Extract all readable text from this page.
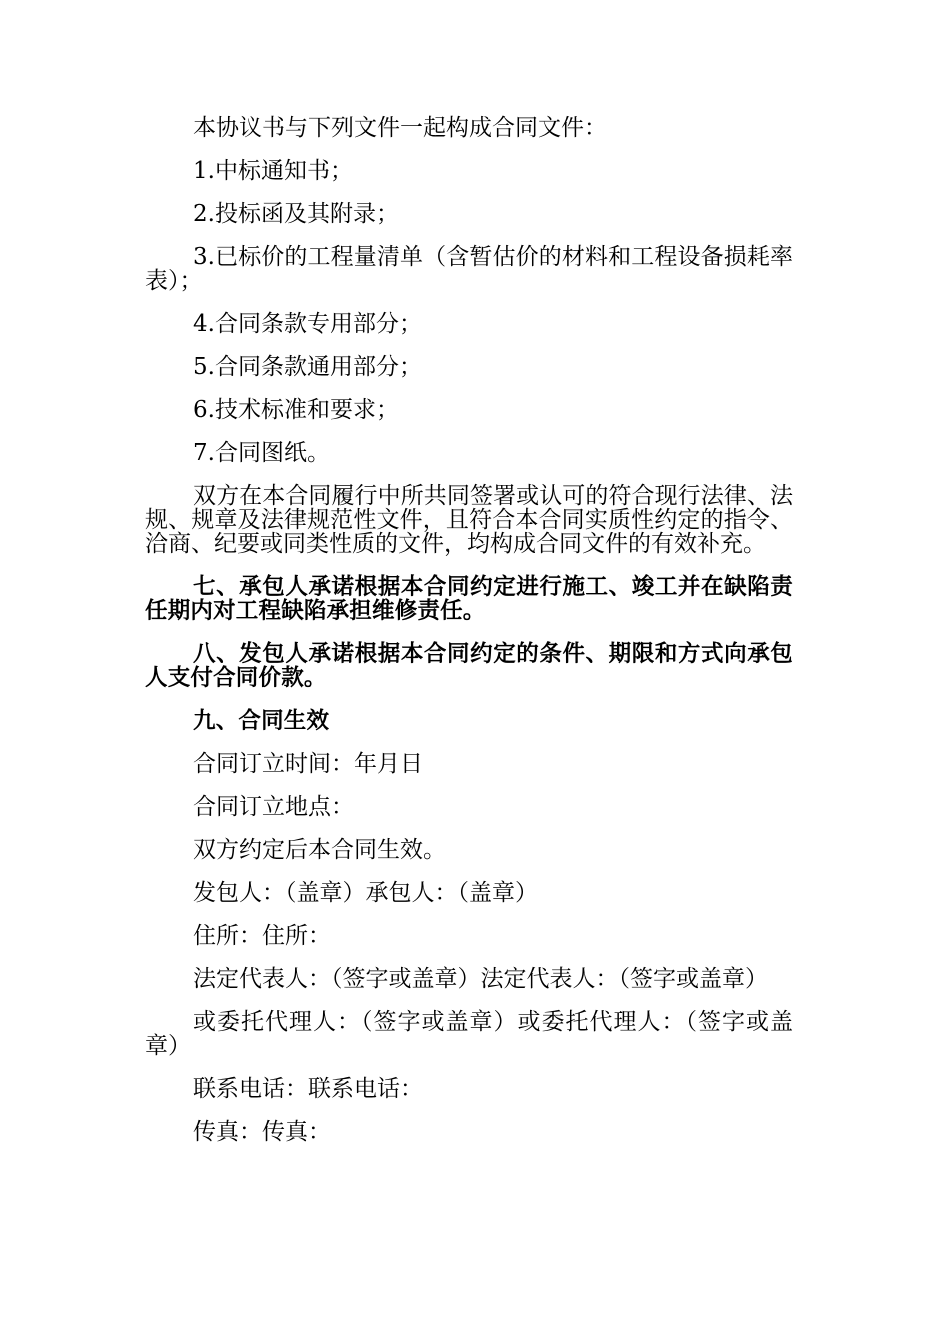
本协议书与下列文件一起构成合同文件：

1.中标通知书；

2.投标函及其附录；

3.已标价的工程量清单（含暂估价的材料和工程设备损耗率表）；

4.合同条款专用部分；

5.合同条款通用部分；

6.技术标准和要求；

7.合同图纸。

双方在本合同履行中所共同签署或认可的符合现行法律、法规、规章及法律规范性文件，且符合本合同实质性约定的指令、洽商、纪要或同类性质的文件，均构成合同文件的有效补充。

七、承包人承诺根据本合同约定进行施工、竣工并在缺陷责任期内对工程缺陷承担维修责任。

八、发包人承诺根据本合同约定的条件、期限和方式向承包人支付合同价款。

九、合同生效

合同订立时间：年月日

合同订立地点：

双方约定后本合同生效。

发包人：（盖章）承包人：（盖章）

住所：住所：

法定代表人：（签字或盖章）法定代表人：（签字或盖章）

或委托代理人：（签字或盖章）或委托代理人：（签字或盖章）

联系电话：联系电话：

传真：传真：
